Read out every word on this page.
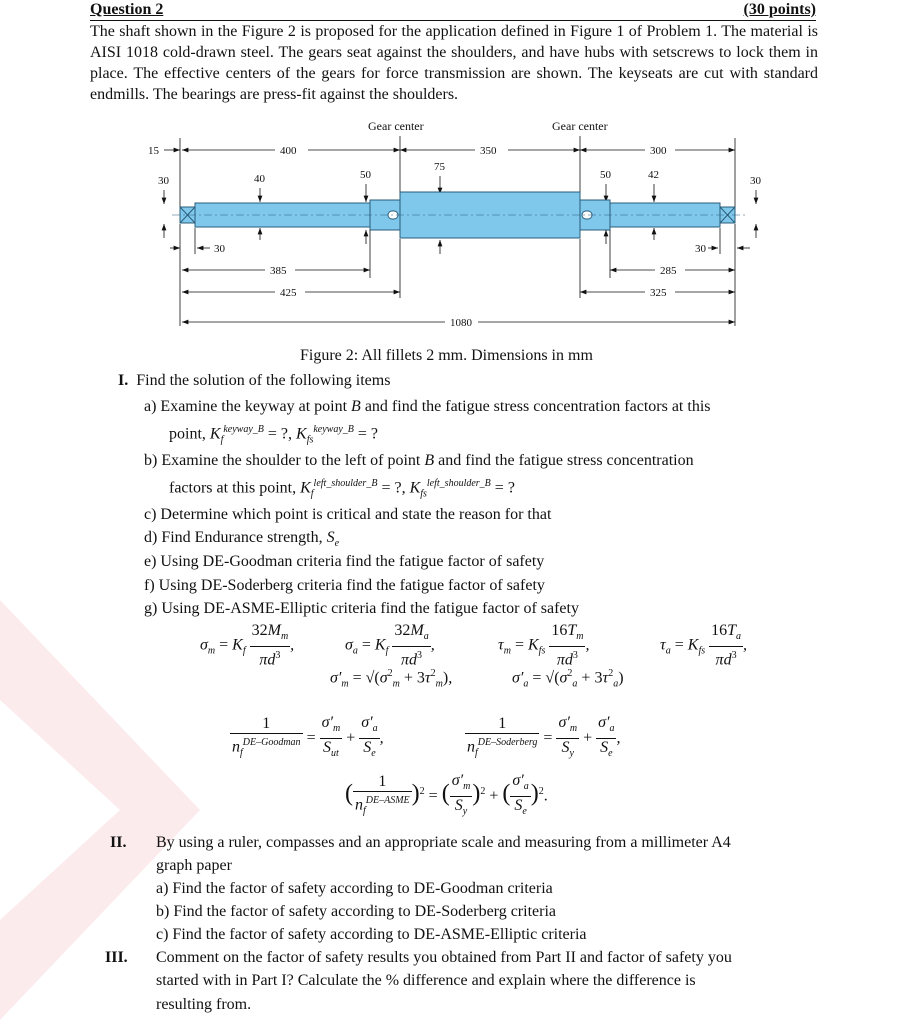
Question 2	(30 points)
The shaft shown in the Figure 2 is proposed for the application defined in Figure 1 of Problem 1. The material is AISI 1018 cold-drawn steel. The gears seat against the shoulders, and have hubs with setscrews to lock them in place. The effective centers of the gears for force transmission are shown. The keyseats are cut with standard endmills. The bearings are press-fit against the shoulders.
Gear center	Gear center
15	400	350	300
30	40	50
75
50	42	30
30	30
385	285
425	325
1080
Figure 2: All fillets 2 mm. Dimensions in mm
I. Find the solution of the following items
a) Examine the keyway at point B and find the fatigue stress concentration factors at this
point, $K_f^{keyway\_B}$ = ?, $K_{fs}^{keyway\_B}$ = ?
b) Examine the shoulder to the left of point B and find the fatigue stress concentration
factors at this point, $K_f^{left\_shoulder\_B}$ = ?, $K_{fs}^{left\_shoulder\_B}$ = ?
c) Determine which point is critical and state the reason for that
d) Find Endurance strength, $S_e$
e) Using DE-Goodman criteria find the fatigue factor of safety
f) Using DE-Soderberg criteria find the fatigue factor of safety
g) Using DE-ASME-Elliptic criteria find the fatigue factor of safety
$\sigma_m = K_f \frac{32M_m}{\pi d^3}$ ,	$\sigma_a = K_f \frac{32M_a}{\pi d^3}$ ,	$\tau_m = K_{fs} \frac{16T_m}{\pi d^3}$ ,	$\tau_a = K_{fs} \frac{16T_a}{\pi d^3}$ ,
$\sigma'_m = √(\sigma^2_m + 3\tau^2_m)$,	$\sigma'_a = √(\sigma^2_a + 3\tau^2_a)$
$\frac{1}{n_f^{DE-Goodman}} = \frac{\sigma'_m}{S_{ut}} + \frac{\sigma'_a}{S_e}$ ,	$\frac{1}{n_f^{DE-Soderberg}} = \frac{\sigma'_m}{S_y} + \frac{\sigma'_a}{S_e}$ ,
( $\frac{1}{n_f^{DE-ASME}} )^2$ = ( $\frac{\sigma'_m}{S_y} )^2$ + ( $\frac{\sigma'_a}{S_e} )^2$.
II. By using a ruler, compasses and an appropriate scale and measuring from a millimeter A4
graph paper
a) Find the factor of safety according to DE-Goodman criteria
b) Find the factor of safety according to DE-Soderberg criteria
c) Find the factor of safety according to DE-ASME-Elliptic criteria
III. Comment on the factor of safety results you obtained from Part II and factor of safety you
started with in Part I? Calculate the % difference and explain where the difference is
resulting from.
